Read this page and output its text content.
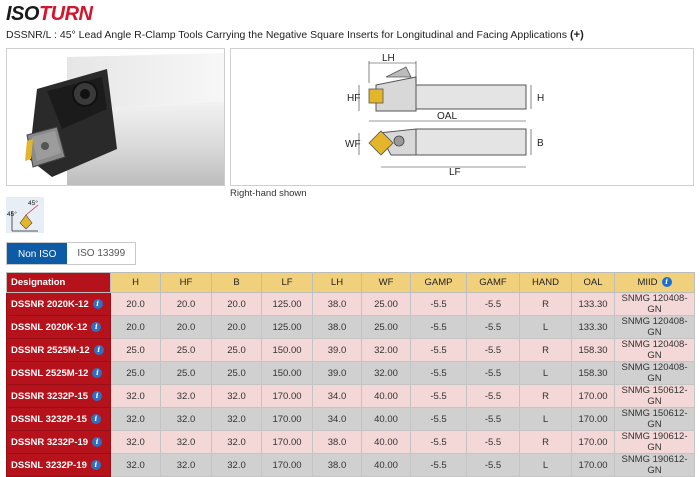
ISOTURN
DSSNR/L : 45° Lead Angle R-Clamp Tools Carrying the Negative Square Inserts for Longitudinal and Facing Applications (+)
LH
HF	H
OAL
WF	B
LF
Right-hand shown
45°
45°
Non ISO	ISO 13399
Designation	H	HF	B	LF	LH	WF	GAMP	GAMF	HAND	OAL	MIID i
DSSNR 2020K-12 i	20.0	20.0	20.0	125.00	38.0	25.00	-5.5	-5.5	R	133.30	SNMG 120408-GN
DSSNL 2020K-12 i	20.0	20.0	20.0	125.00	38.0	25.00	-5.5	-5.5	L	133.30	SNMG 120408-GN
DSSNR 2525M-12 i	25.0	25.0	25.0	150.00	39.0	32.00	-5.5	-5.5	R	158.30	SNMG 120408-GN
DSSNL 2525M-12 i	25.0	25.0	25.0	150.00	39.0	32.00	-5.5	-5.5	L	158.30	SNMG 120408-GN
DSSNR 3232P-15 i	32.0	32.0	32.0	170.00	34.0	40.00	-5.5	-5.5	R	170.00	SNMG 150612-GN
DSSNL 3232P-15 i	32.0	32.0	32.0	170.00	34.0	40.00	-5.5	-5.5	L	170.00	SNMG 150612-GN
DSSNR 3232P-19 i	32.0	32.0	32.0	170.00	38.0	40.00	-5.5	-5.5	R	170.00	SNMG 190612-GN
DSSNL 3232P-19 i	32.0	32.0	32.0	170.00	38.0	40.00	-5.5	-5.5	L	170.00	SNMG 190612-GN
